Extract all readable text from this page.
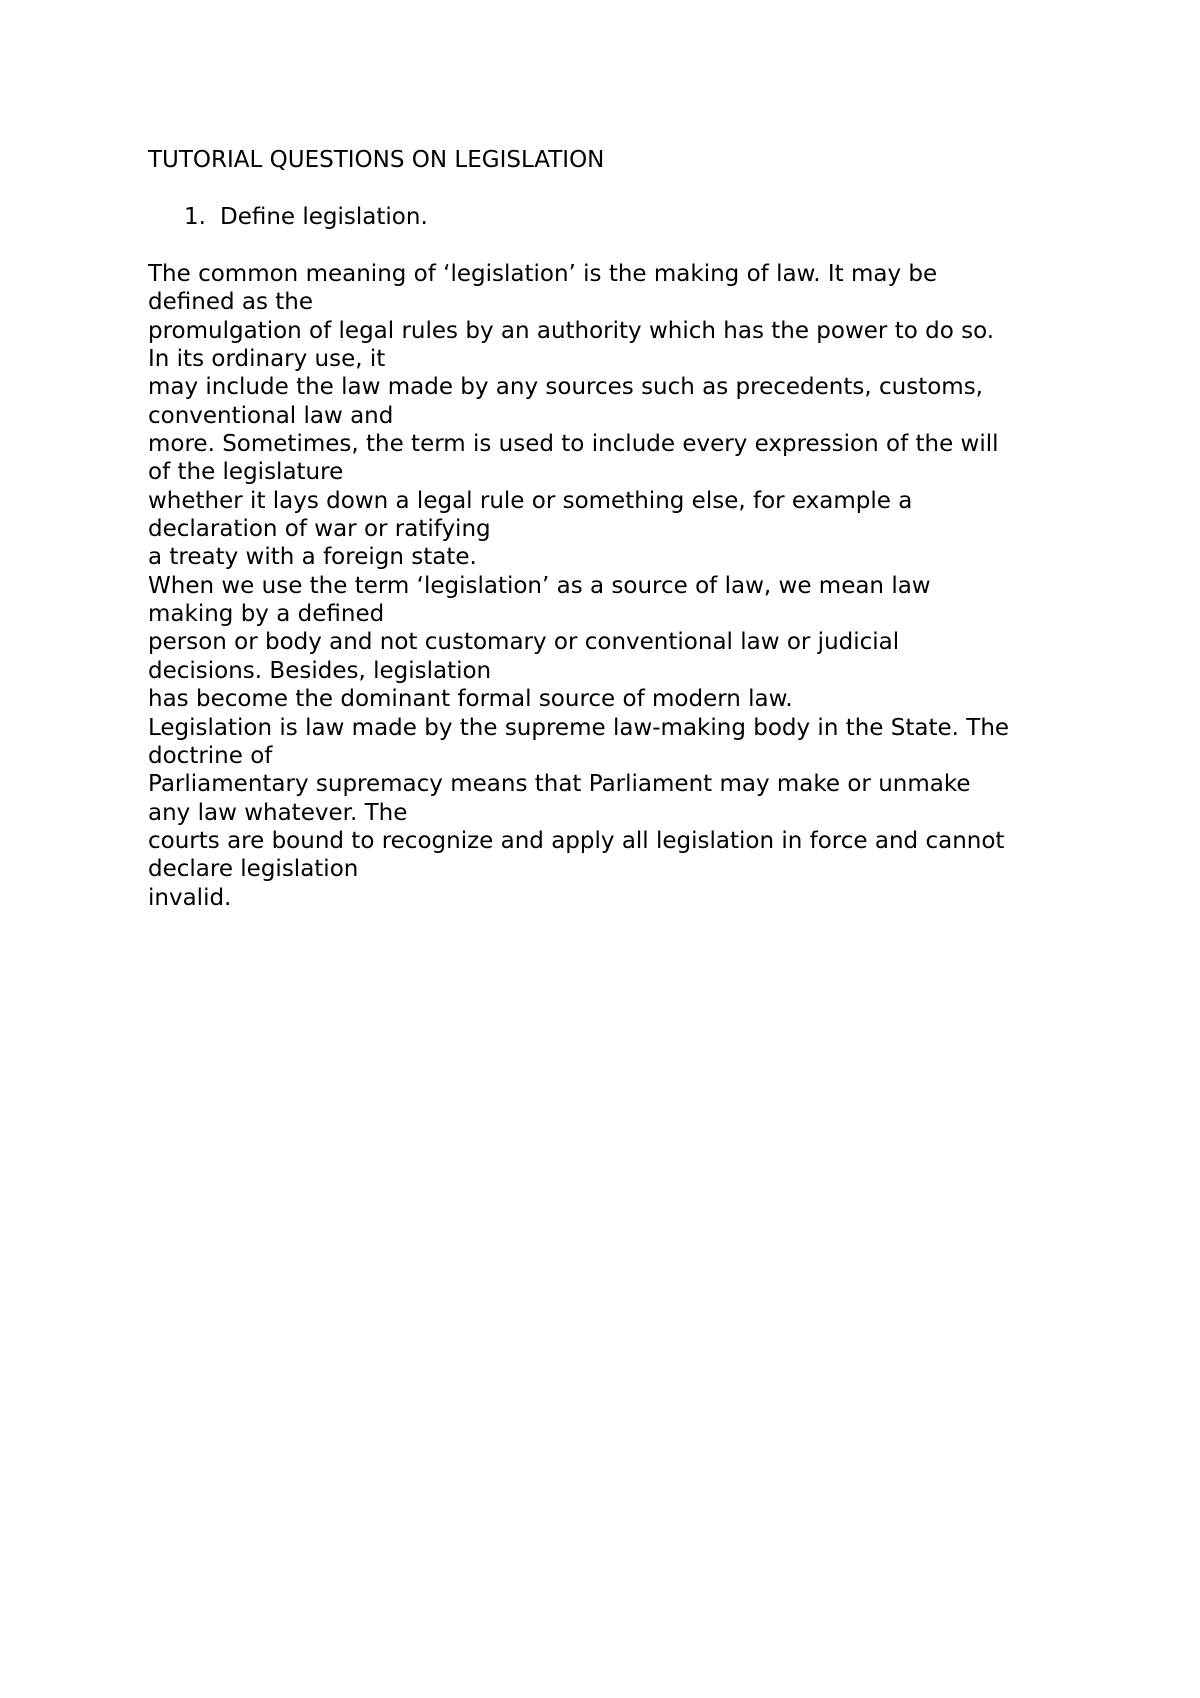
TUTORIAL QUESTIONS ON LEGISLATION
1. Define legislation.
The common meaning of ‘legislation’ is the making of law. It may be
defined as the
promulgation of legal rules by an authority which has the power to do so.
In its ordinary use, it
may include the law made by any sources such as precedents, customs,
conventional law and
more. Sometimes, the term is used to include every expression of the will
of the legislature
whether it lays down a legal rule or something else, for example a
declaration of war or ratifying
a treaty with a foreign state.
When we use the term ‘legislation’ as a source of law, we mean law
making by a defined
person or body and not customary or conventional law or judicial
decisions. Besides, legislation
has become the dominant formal source of modern law.
Legislation is law made by the supreme law-making body in the State. The
doctrine of
Parliamentary supremacy means that Parliament may make or unmake
any law whatever. The
courts are bound to recognize and apply all legislation in force and cannot
declare legislation
invalid.
